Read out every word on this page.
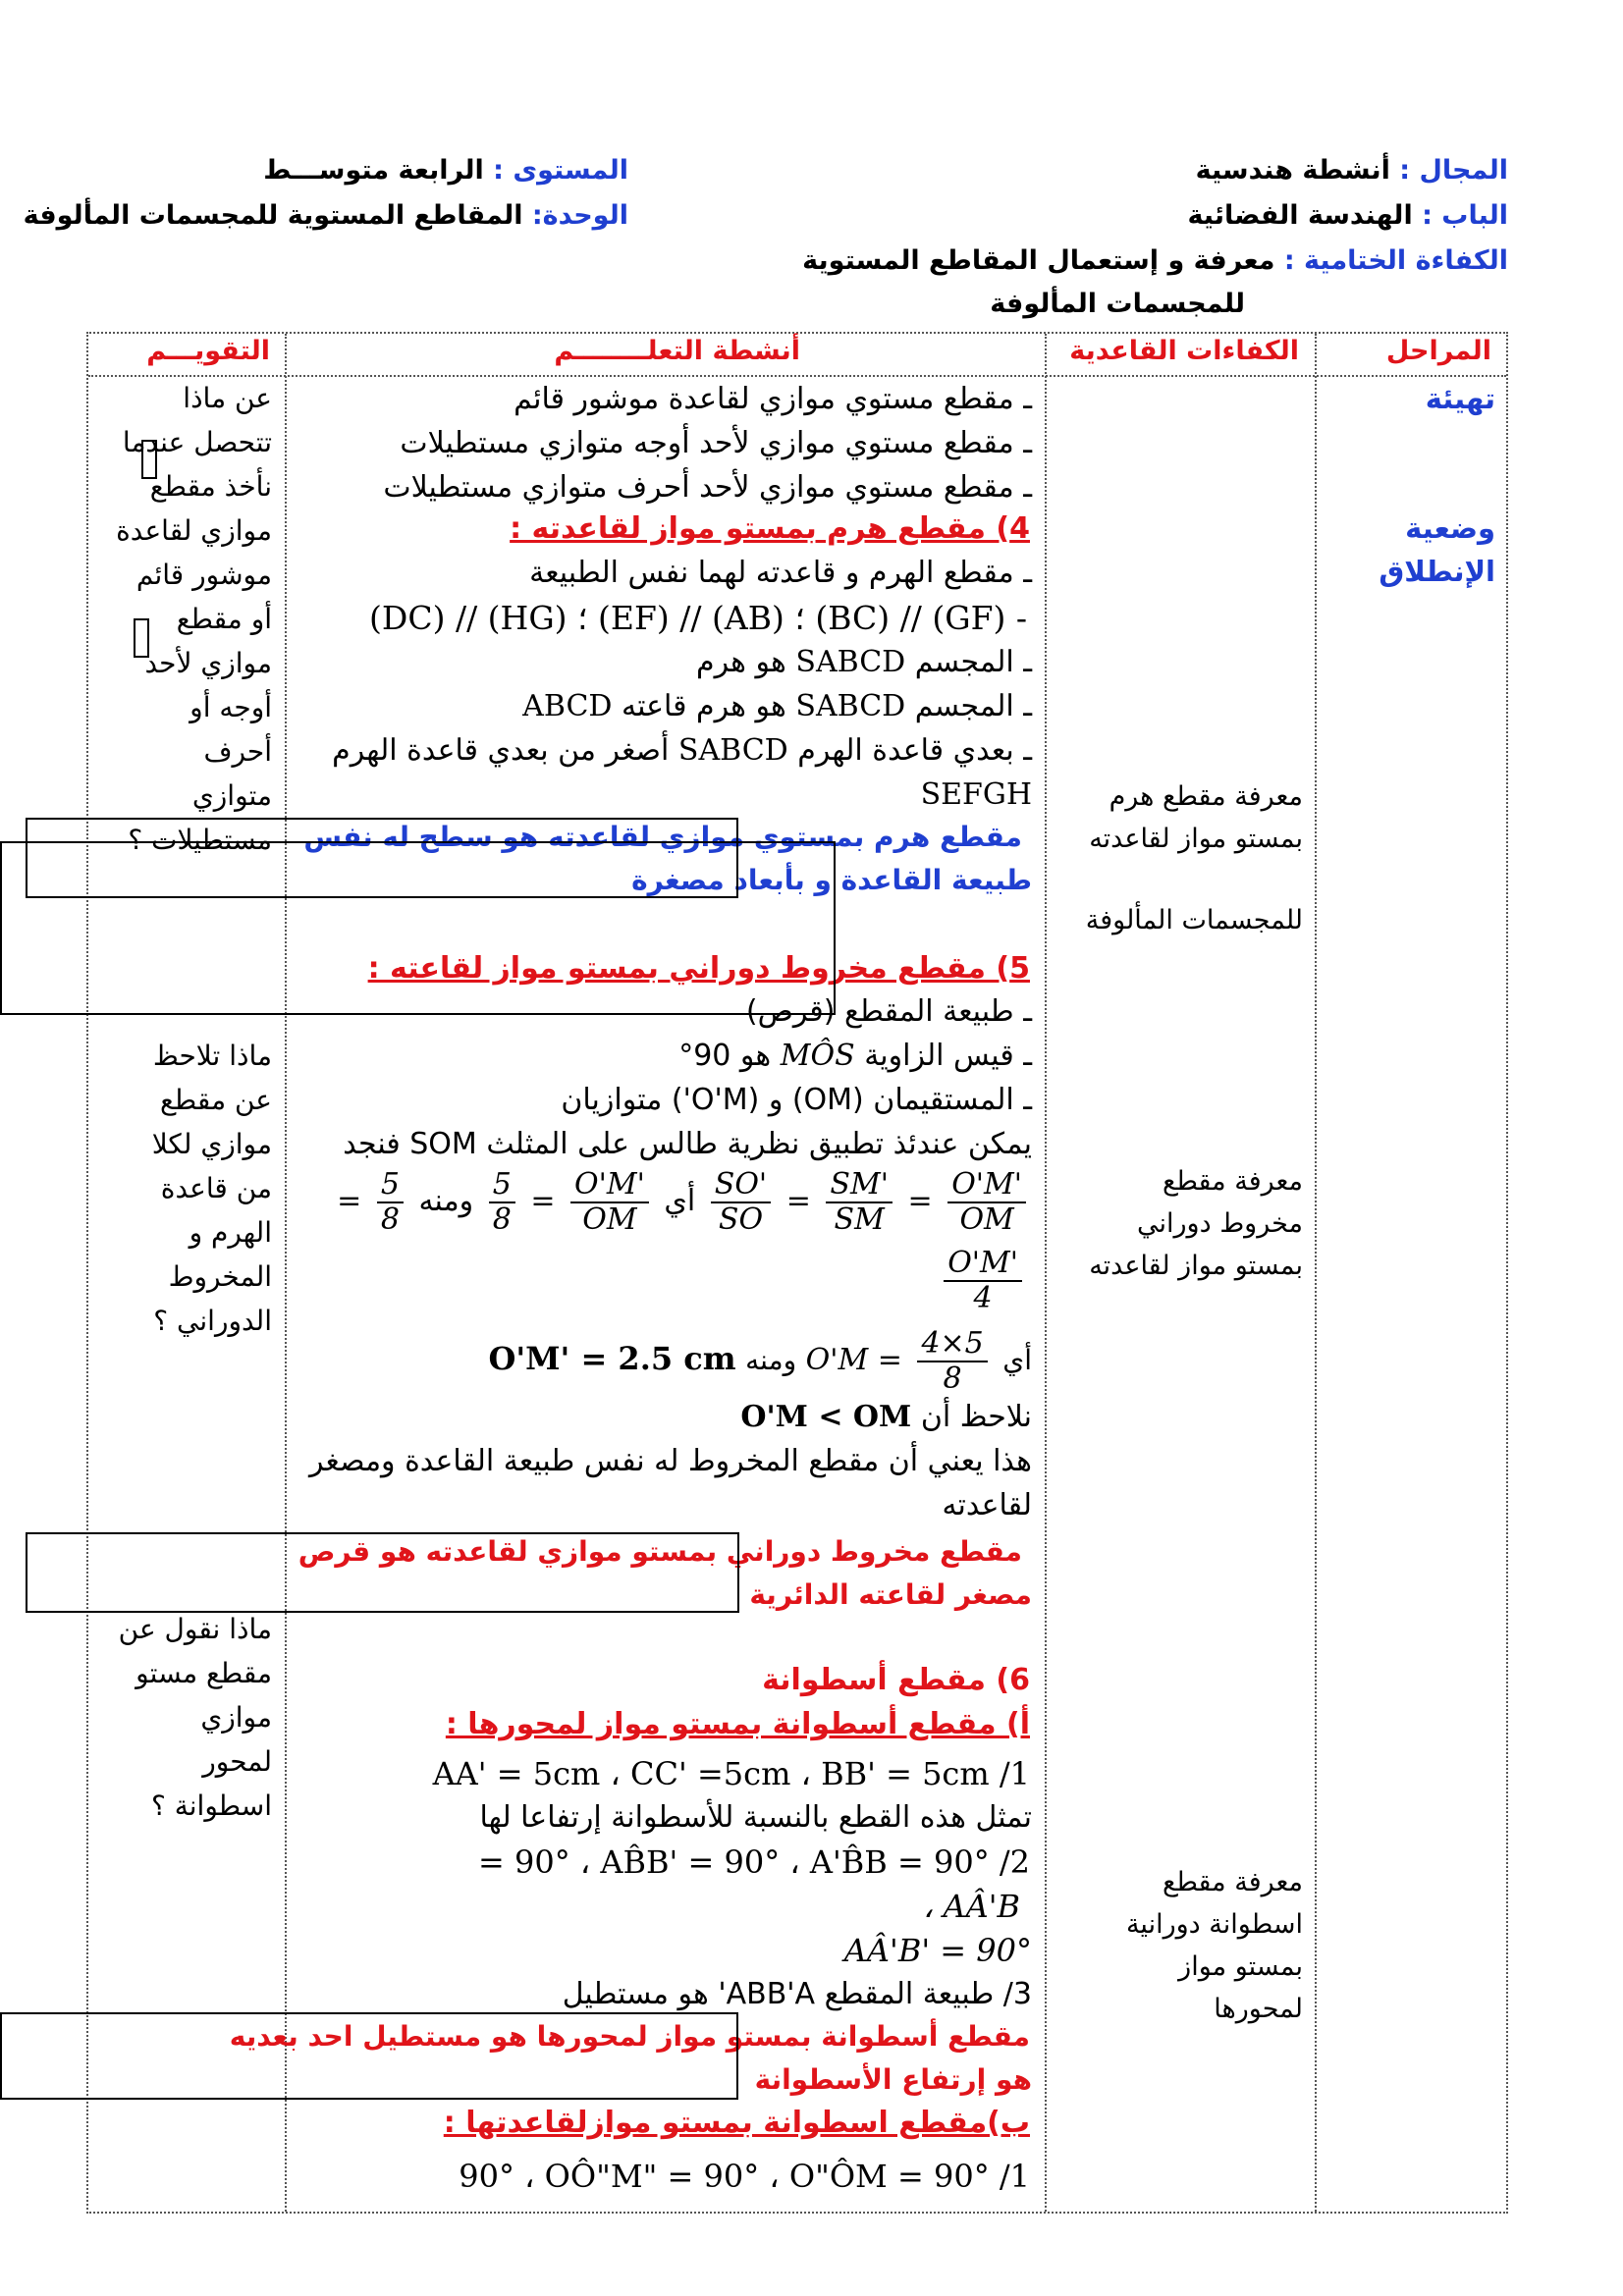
المجال : أنشطة هندسية
الباب : الهندسة الفضائية
الكفاءة الختامية : معرفة و إستعمال المقاطع المستوية
للمجسمات المألوفة
المستوى : الرابعة متوســـط
الوحدة: المقاطع المستوية للمجسمات المألوفة
المراحل
الكفاءات القاعدية
أنشطة التعلــــــــم
التقويـــم
تهيئة
وضعية
الإنطلاق
معرفة مقطع هرم
بمستو مواز لقاعدته
للمجسمات المألوفة
معرفة مقطع
مخروط دوراني
بمستو مواز لقاعدته
معرفة مقطع
اسطوانة دورانية
بمستو مواز
لمحورها
عن ماذا
تتحصل عندما
نأخذ مقطع
موازي لقاعدة
موشور قائم
أو مقطع
موازي لأحد
أوجه أو
أحرف
متوازي
مستطيلات ؟
ماذا تلاحظ
عن مقطع
موازي لكلا
من قاعدة
الهرم و
المخروط
الدوراني ؟
ماذا نقول عن
مقطع مستو
موازي
لمحور
اسطوانة ؟
ـ مقطع مستوي موازي لقاعدة موشور قائم
ـ مقطع مستوي موازي لأحد أوجه متوازي مستطيلات
ـ مقطع مستوي موازي لأحد أحرف متوازي مستطيلات
4) مقطع هرم بمستو مواز لقاعدته :
ـ مقطع الهرم و قاعدته لهما نفس الطبيعة
(DC) // (HG) ؛ (EF) // (AB) ؛ (BC) // (GF) -
ـ المجسم SABCD هو هرم
ـ المجسم SABCD هو هرم قاعته ABCD
ـ بعدي قاعدة الهرم SABCD أصغر من بعدي قاعدة الهرم
SEFGH
مقطع هرم بمستوي موازي لقاعدته هو سطح له نفس
طبيعة القاعدة و بأبعاد مصغرة
5) مقطع مخروط دوراني بمستو مواز لقاعته :
ـ طبيعة المقطع (قرص)
ـ قيس الزاوية MÔS هو 90°
ـ المستقيمان (OM) و (O'M') متوازيان
يمكن عندئذ تطبيق نظرية طالس على المثلث SOM فنجد
= $\frac{5}{8}$	أي
$\frac{O'M'}{OM}$
=
$\frac{5}{8}$
ومنه	$\frac{SO'}{SO} = \frac{SM'}{SM} = \frac{O'M'}{OM}$
$\frac{O'M'}{4}$
O'M' = 2.5 cm ومنه $O'M = \frac{4\times 5}{8}$ أي
نلاحظ أن O'M < OM
هذا يعني أن مقطع المخروط له نفس طبيعة القاعدة ومصغر
لقاعدته
مقطع مخروط دوراني بمستو موازي لقاعدته هو قرص
مصغر لقاعته الدائرية
6) مقطع أسطوانة
أ) مقطع أسطوانة بمستو مواز لمحورها :
AA' = 5cm ، CC' =5cm ، BB' = 5cm /1
تمثل هذه القطع بالنسبة للأسطوانة إرتفاعا لها
= 90° ، AB̂B' = 90° ، A'B̂B = 90° /2
، AÂ'B
AÂ'B' = 90°
3/ طبيعة المقطع ABB'A' هو مستطيل
مقطع أسطوانة بمستو مواز لمحورها هو مستطيل احد بعديه
هو إرتفاع الأسطوانة
ب)مقطع اسطوانة بمستو موازلقاعدتها :
90° ، OÔ"M" = 90° ، O"ÔM = 90° /1
